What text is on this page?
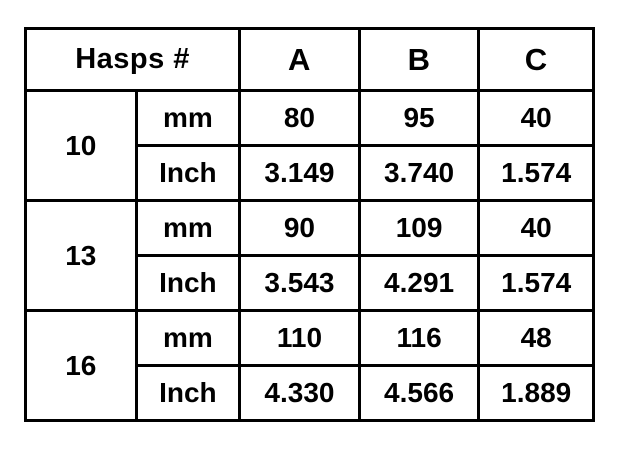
Hasps #		A	B	C
10	mm	80	95	40
	Inch	3.149	3.740	1.574
13	mm	90	109	40
	Inch	3.543	4.291	1.574
16	mm	110	116	48
	Inch	4.330	4.566	1.889
